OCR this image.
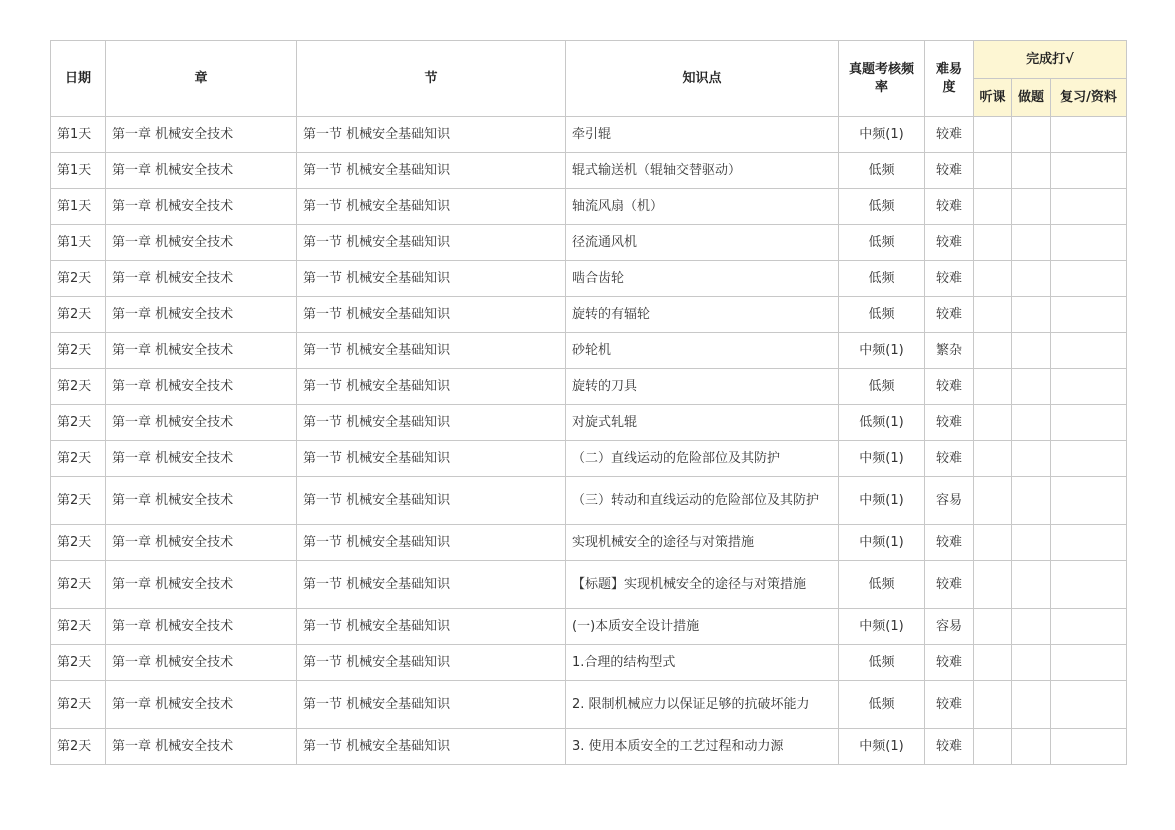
日期	章	节	知识点	真题考核频率	难易度	完成打√		
						听课	做题	复习/资料
第1天	第一章 机械安全技术	第一节 机械安全基础知识	牵引辊	中频(1)	较难			
第1天	第一章 机械安全技术	第一节 机械安全基础知识	辊式输送机（辊轴交替驱动）	低频	较难			
第1天	第一章 机械安全技术	第一节 机械安全基础知识	轴流风扇（机）	低频	较难			
第1天	第一章 机械安全技术	第一节 机械安全基础知识	径流通风机	低频	较难			
第2天	第一章 机械安全技术	第一节 机械安全基础知识	啮合齿轮	低频	较难			
第2天	第一章 机械安全技术	第一节 机械安全基础知识	旋转的有辐轮	低频	较难			
第2天	第一章 机械安全技术	第一节 机械安全基础知识	砂轮机	中频(1)	繁杂			
第2天	第一章 机械安全技术	第一节 机械安全基础知识	旋转的刀具	低频	较难			
第2天	第一章 机械安全技术	第一节 机械安全基础知识	对旋式轧辊	低频(1)	较难			
第2天	第一章 机械安全技术	第一节 机械安全基础知识	（二）直线运动的危险部位及其防护	中频(1)	较难			
第2天	第一章 机械安全技术	第一节 机械安全基础知识	（三）转动和直线运动的危险部位及其防护	中频(1)	容易			
第2天	第一章 机械安全技术	第一节 机械安全基础知识	实现机械安全的途径与对策措施	中频(1)	较难			
第2天	第一章 机械安全技术	第一节 机械安全基础知识	【标题】实现机械安全的途径与对策措施	低频	较难			
第2天	第一章 机械安全技术	第一节 机械安全基础知识	(一)本质安全设计措施	中频(1)	容易			
第2天	第一章 机械安全技术	第一节 机械安全基础知识	1.合理的结构型式	低频	较难			
第2天	第一章 机械安全技术	第一节 机械安全基础知识	2. 限制机械应力以保证足够的抗破坏能力	低频	较难			
第2天	第一章 机械安全技术	第一节 机械安全基础知识	3. 使用本质安全的工艺过程和动力源	中频(1)	较难			
